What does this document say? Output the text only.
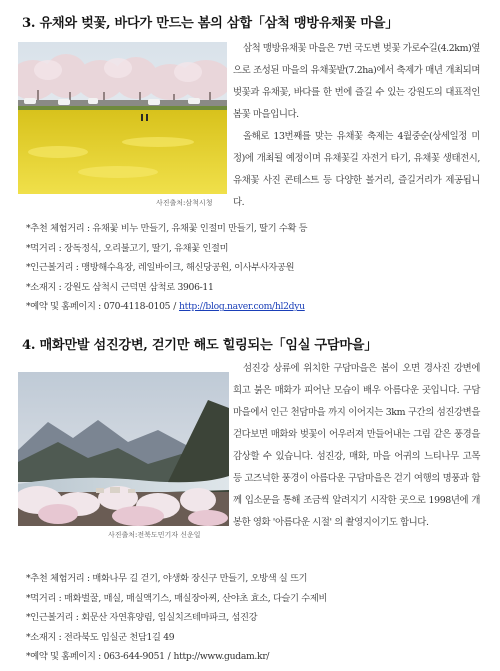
3. 유채와 벚꽃, 바다가 만드는 봄의 삼합「삼척 맹방유채꽃 마을」
사진출처:삼척시청

삼척 맹방유채꽃 마을은 7번 국도변 벚꽃 가로수길(4.2km)옆으로 조성된 마을의 유채꽃밭(7.2ha)에서 축제가 매년 개최되며 벚꽃과 유채꽃, 바다를 한 번에 즐길 수 있는 강원도의 대표적인 봄꽃 마을입니다.

올해로 13번째를 맞는 유채꽃 축제는 4월중순(상세일정 미정)에 개최될 예정이며 유채꽃길 자전거 타기, 유채꽃 생태전시, 유채꽃 사진 콘테스트 등 다양한 볼거리, 즐길거리가 제공됩니다.

*추천 체험거리 : 유채꽃 비누 만들기, 유채꽃 인절미 만들기, 딸기 수확 등
*먹거리 : 장독정식, 오리불고기, 딸기, 유채꽃 인절미
*인근볼거리 : 맹방해수욕장, 레일바이크, 해신당공원, 이사부사자공원
*소재지 : 강원도 삼척시 근덕면 삼척로 3906-11
*예약 및 홈페이지 : 070-4118-0105 / http://blog.naver.com/hl2dyu
4. 매화만발 섬진강변, 걷기만 해도 힐링되는「임실 구담마을」
사진출처:전북도민기자 신운일

섬진강 상류에 위치한 구담마을은 봄이 오면 경사진 강변에 희고 붉은 매화가 피어난 모습이 배우 아름다운 곳입니다. 구담마을에서 인근 천담마을 까지 이어지는 3km 구간의 섬진강변을 걷다보면 매화와 벚꽃이 어우러져 만들어내는 그림 같은 풍경을 감상할 수 있습니다. 섬진강, 매화, 마을 어귀의 느티나무 고목 등 고즈넉한 풍경이 아름다운 구담마을은 걷기 여행의 명풍과 함께 입소문을 통해 조금씩 알려지기 시작한 곳으로 1998년에 개봉한 영화 '아름다운 시절' 의 촬영지이기도 합니다.

*추천 체험거리 : 매화나무 길 걷기, 야생화 장신구 만들기, 오방색 실 뜨기
*먹거리 : 매화벌꿀, 매실, 매실액기스, 매실장아찌, 산야초 효소, 다슬기 수제비
*인근볼거리 : 회문산 자연휴양림, 임실치즈테마파크, 섬진강
*소재지 : 전라북도 임실군 천담1길 49
*예약 및 홈페이지 : 063-644-9051 / http://www.gudam.kr/
